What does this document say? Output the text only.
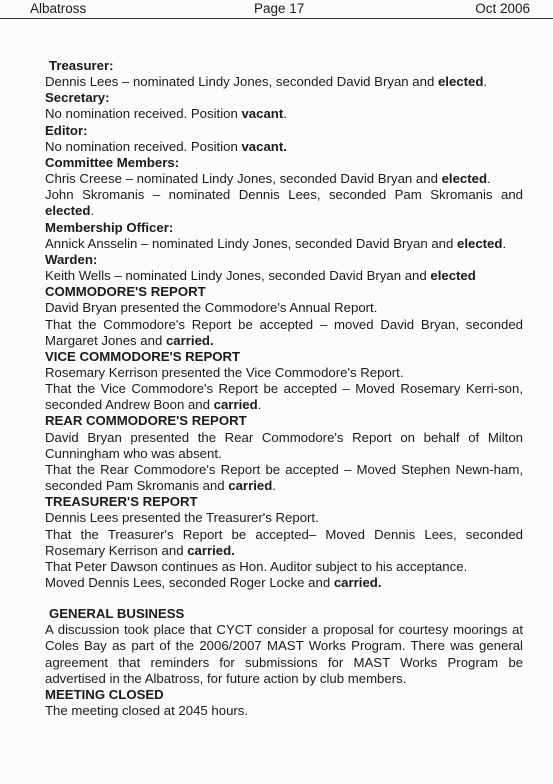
Albatross	Page 17	Oct 2006

Treasurer:

Dennis Lees – nominated Lindy Jones, seconded David Bryan and elected.

Secretary:

No nomination received. Position vacant.

Editor:

No nomination received. Position vacant.

Committee Members:

Chris Creese – nominated Lindy Jones, seconded David Bryan and elected.

John Skromanis – nominated Dennis Lees, seconded Pam Skromanis and elected.

Membership Officer:

Annick Ansselin – nominated Lindy Jones, seconded David Bryan and elected.

Warden:

Keith Wells – nominated Lindy Jones, seconded David Bryan and elected

COMMODORE'S REPORT

David Bryan presented the Commodore's Annual Report.

That the Commodore's Report be accepted – moved David Bryan, seconded Margaret Jones and carried.

VICE COMMODORE'S REPORT

Rosemary Kerrison presented the Vice Commodore's Report.

That the Vice Commodore's Report be accepted – Moved Rosemary Kerri-son, seconded Andrew Boon and carried.

REAR COMMODORE'S REPORT

David Bryan presented the Rear Commodore's Report on behalf of Milton Cunningham who was absent.

That the Rear Commodore's Report be accepted – Moved Stephen Newn-ham, seconded Pam Skromanis and carried.

TREASURER'S REPORT

Dennis Lees presented the Treasurer's Report.

That the Treasurer's Report be accepted– Moved Dennis Lees, seconded Rosemary Kerrison and carried.

That Peter Dawson continues as Hon. Auditor subject to his acceptance.

Moved Dennis Lees, seconded Roger Locke and carried.

GENERAL BUSINESS

A discussion took place that CYCT consider a proposal for courtesy moorings at Coles Bay as part of the 2006/2007 MAST Works Program. There was general agreement that reminders for submissions for MAST Works Program be advertised in the Albatross, for future action by club members.

MEETING CLOSED

The meeting closed at 2045 hours.
